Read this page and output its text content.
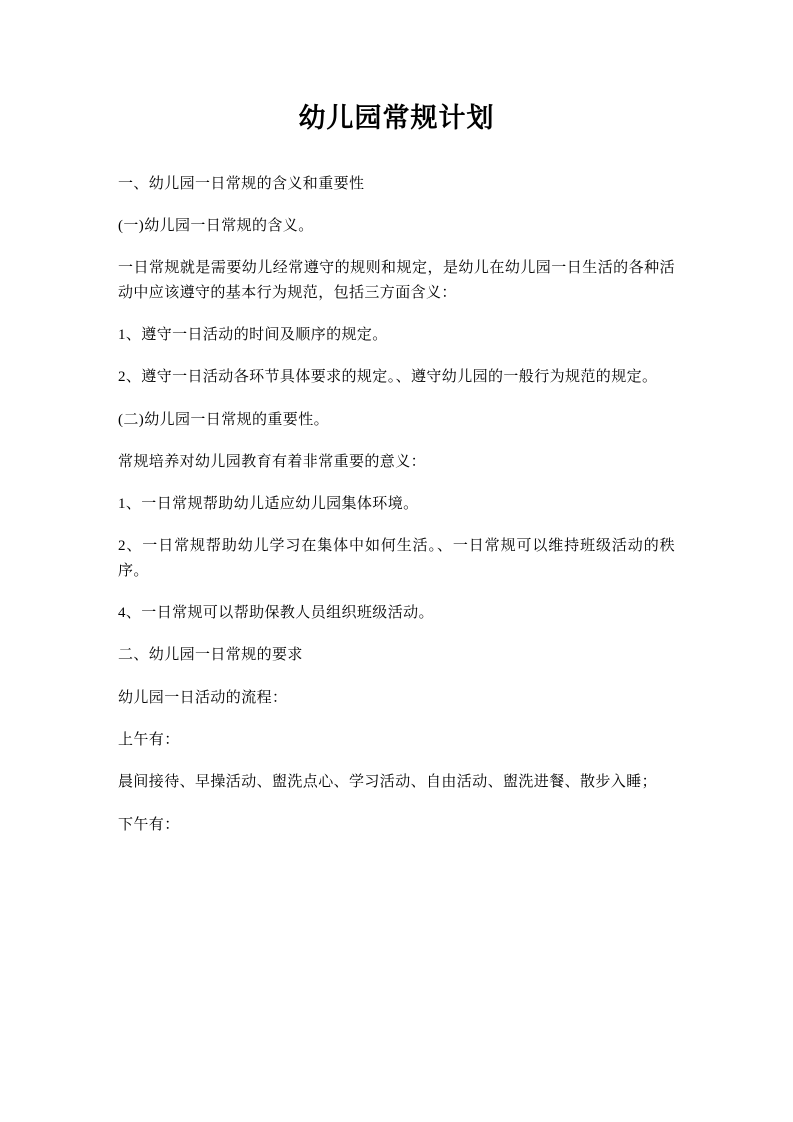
幼儿园常规计划

一、幼儿园一日常规的含义和重要性

(一)幼儿园一日常规的含义。

一日常规就是需要幼儿经常遵守的规则和规定，是幼儿在幼儿园一日生活的各种活动中应该遵守的基本行为规范，包括三方面含义：

1、遵守一日活动的时间及顺序的规定。

2、遵守一日活动各环节具体要求的规定。、遵守幼儿园的一般行为规范的规定。

(二)幼儿园一日常规的重要性。

常规培养对幼儿园教育有着非常重要的意义：

1、一日常规帮助幼儿适应幼儿园集体环境。

2、一日常规帮助幼儿学习在集体中如何生活。、一日常规可以维持班级活动的秩序。

4、一日常规可以帮助保教人员组织班级活动。

二、幼儿园一日常规的要求

幼儿园一日活动的流程：

上午有：

晨间接待、早操活动、盥洗点心、学习活动、自由活动、盥洗进餐、散步入睡；

下午有：
